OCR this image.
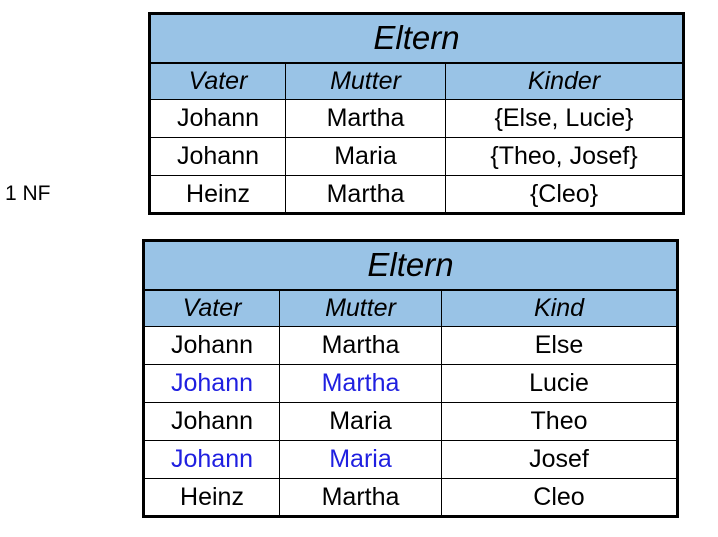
1 NF
Eltern		
Vater	Mutter	Kinder
Johann	Martha	{Else, Lucie}
Johann	Maria	{Theo, Josef}
Heinz	Martha	{Cleo}
Eltern		
Vater	Mutter	Kind
Johann	Martha	Else
Johann	Martha	Lucie
Johann	Maria	Theo
Johann	Maria	Josef
Heinz	Martha	Cleo
